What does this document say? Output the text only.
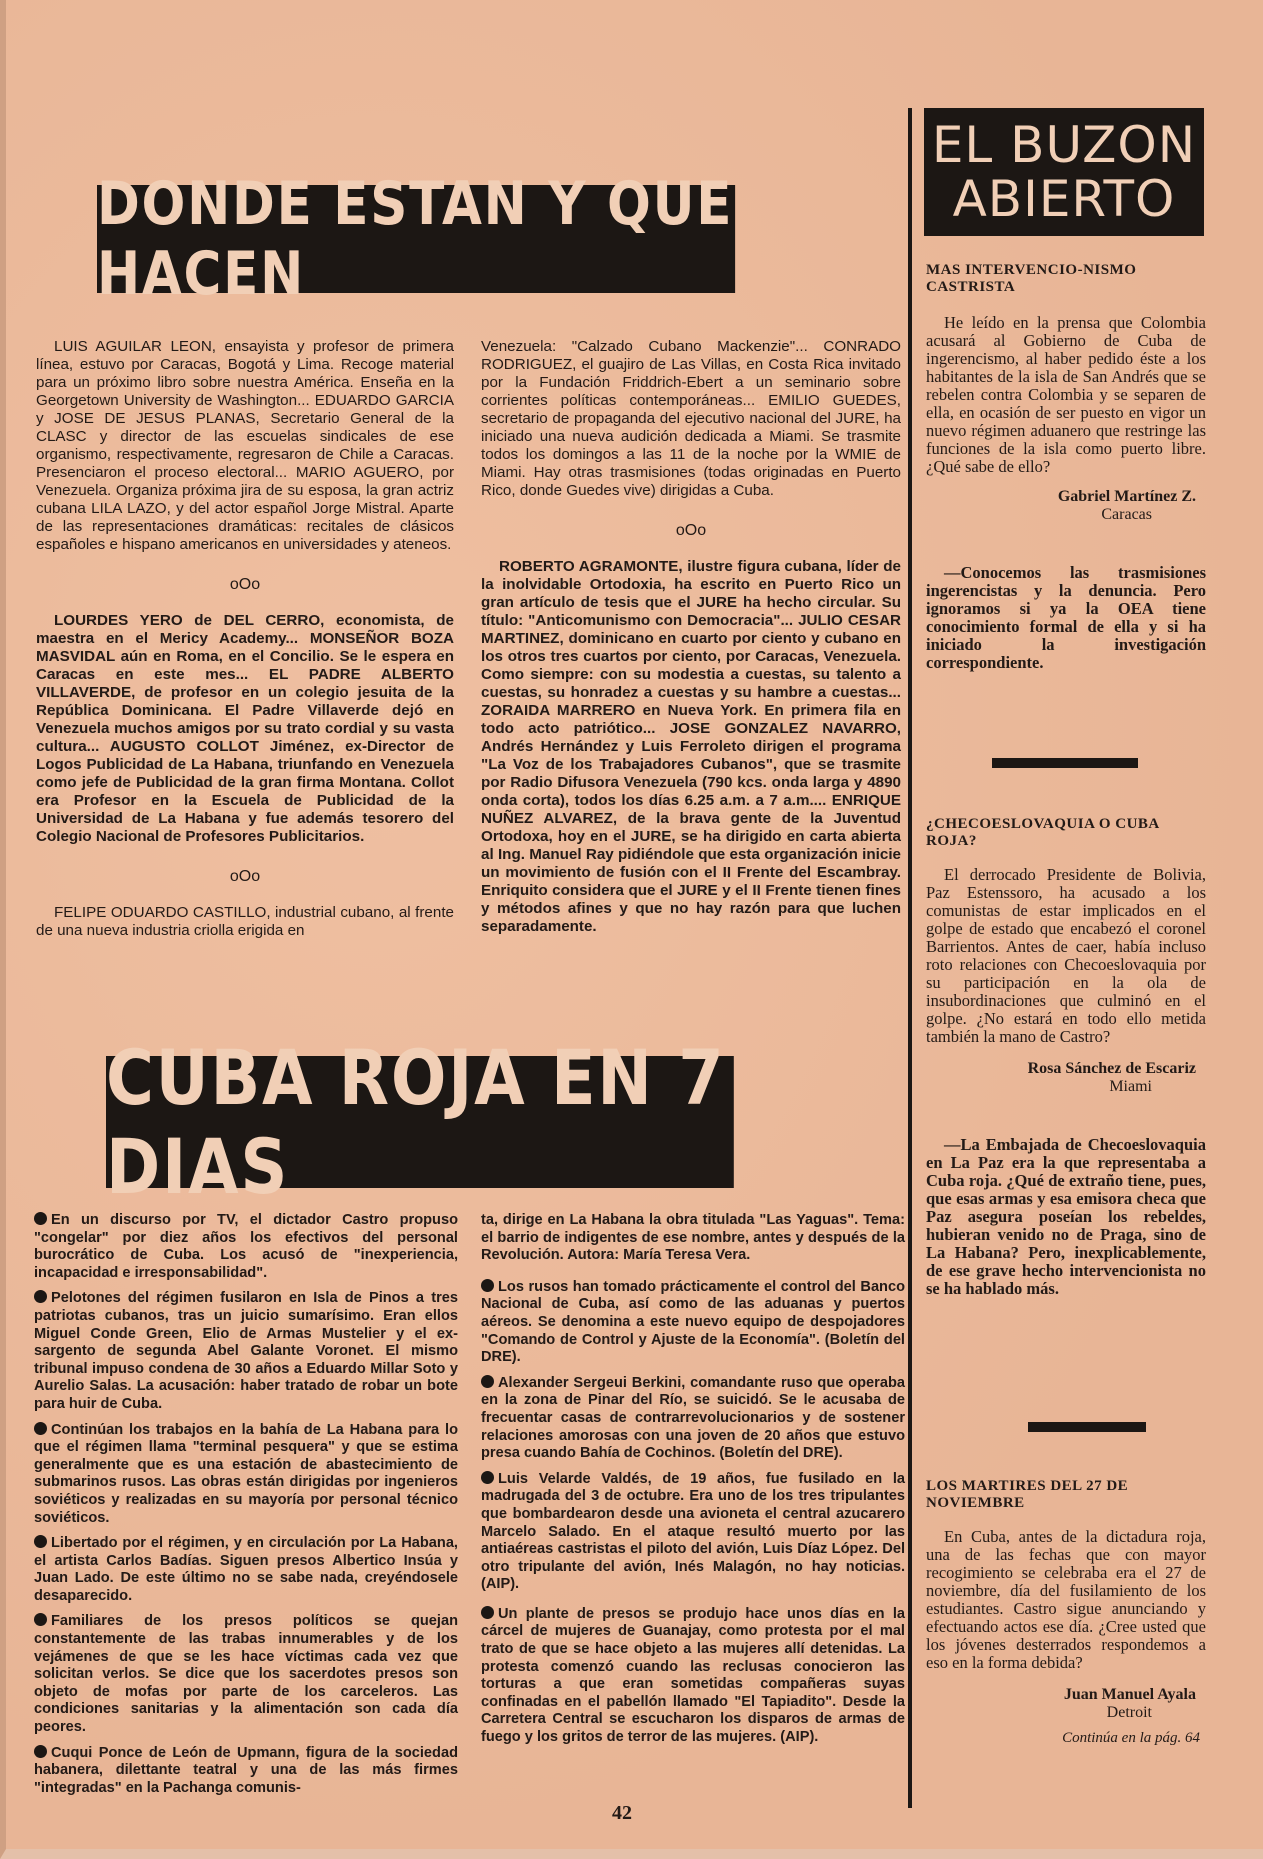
DONDE ESTAN Y QUE HACEN
EL BUZON
ABIERTO

LUIS AGUILAR LEON, ensayista y profesor de primera línea, estuvo por Caracas, Bogotá y Lima. Recoge material para un próximo libro sobre nuestra América. Enseña en la Georgetown University de Washington... EDUARDO GARCIA y JOSE DE JESUS PLANAS, Secretario General de la CLASC y director de las escuelas sindicales de ese organismo, respectivamente, regresaron de Chile a Caracas. Presenciaron el proceso electoral... MARIO AGUERO, por Venezuela. Organiza próxima jira de su esposa, la gran actriz cubana LILA LAZO, y del actor español Jorge Mistral. Aparte de las representaciones dramáticas: recitales de clásicos españoles e hispano americanos en universidades y ateneos.

oOo

LOURDES YERO de DEL CERRO, economista, de maestra en el Mericy Academy... MONSEÑOR BOZA MASVIDAL aún en Roma, en el Concilio. Se le espera en Caracas en este mes... EL PADRE ALBERTO VILLAVERDE, de profesor en un colegio jesuita de la República Dominicana. El Padre Villaverde dejó en Venezuela muchos amigos por su trato cordial y su vasta cultura... AUGUSTO COLLOT Jiménez, ex-Director de Logos Publicidad de La Habana, triunfando en Venezuela como jefe de Publicidad de la gran firma Montana. Collot era Profesor en la Escuela de Publicidad de la Universidad de La Habana y fue además tesorero del Colegio Nacional de Profesores Publicitarios.

oOo

FELIPE ODUARDO CASTILLO, industrial cubano, al frente de una nueva industria criolla erigida en

Venezuela: "Calzado Cubano Mackenzie"... CONRADO RODRIGUEZ, el guajiro de Las Villas, en Costa Rica invitado por la Fundación Friddrich-Ebert a un seminario sobre corrientes políticas contemporáneas... EMILIO GUEDES, secretario de propaganda del ejecutivo nacional del JURE, ha iniciado una nueva audición dedicada a Miami. Se trasmite todos los domingos a las 11 de la noche por la WMIE de Miami. Hay otras trasmisiones (todas originadas en Puerto Rico, donde Guedes vive) dirigidas a Cuba.

oOo

ROBERTO AGRAMONTE, ilustre figura cubana, líder de la inolvidable Ortodoxia, ha escrito en Puerto Rico un gran artículo de tesis que el JURE ha hecho circular. Su título: "Anticomunismo con Democracia"... JULIO CESAR MARTINEZ, dominicano en cuarto por ciento y cubano en los otros tres cuartos por ciento, por Caracas, Venezuela. Como siempre: con su modestia a cuestas, su talento a cuestas, su honradez a cuestas y su hambre a cuestas... ZORAIDA MARRERO en Nueva York. En primera fila en todo acto patriótico... JOSE GONZALEZ NAVARRO, Andrés Hernández y Luis Ferroleto dirigen el programa "La Voz de los Trabajadores Cubanos", que se trasmite por Radio Difusora Venezuela (790 kcs. onda larga y 4890 onda corta), todos los días 6.25 a.m. a 7 a.m.... ENRIQUE NUÑEZ ALVAREZ, de la brava gente de la Juventud Ortodoxa, hoy en el JURE, se ha dirigido en carta abierta al Ing. Manuel Ray pidiéndole que esta organización inicie un movimiento de fusión con el II Frente del Escambray. Enriquito considera que el JURE y el II Frente tienen fines y métodos afines y que no hay razón para que luchen separadamente.

CUBA ROJA EN 7 DIAS

En un discurso por TV, el dictador Castro propuso "congelar" por diez años los efectivos del personal burocrático de Cuba. Los acusó de "inexperiencia, incapacidad e irresponsabilidad".

Pelotones del régimen fusilaron en Isla de Pinos a tres patriotas cubanos, tras un juicio sumarísimo. Eran ellos Miguel Conde Green, Elio de Armas Mustelier y el ex-sargento de segunda Abel Galante Voronet. El mismo tribunal impuso condena de 30 años a Eduardo Millar Soto y Aurelio Salas. La acusación: haber tratado de robar un bote para huir de Cuba.

Continúan los trabajos en la bahía de La Habana para lo que el régimen llama "terminal pesquera" y que se estima generalmente que es una estación de abastecimiento de submarinos rusos. Las obras están dirigidas por ingenieros soviéticos y realizadas en su mayoría por personal técnico soviéticos.

Libertado por el régimen, y en circulación por La Habana, el artista Carlos Badías. Siguen presos Albertico Insúa y Juan Lado. De este último no se sabe nada, creyéndosele desaparecido.

Familiares de los presos políticos se quejan constantemente de las trabas innumerables y de los vejámenes de que se les hace víctimas cada vez que solicitan verlos. Se dice que los sacerdotes presos son objeto de mofas por parte de los carceleros. Las condiciones sanitarias y la alimentación son cada día peores.

Cuqui Ponce de León de Upmann, figura de la sociedad habanera, dilettante teatral y una de las más firmes "integradas" en la Pachanga comunis-

ta, dirige en La Habana la obra titulada "Las Yaguas". Tema: el barrio de indigentes de ese nombre, antes y después de la Revolución. Autora: María Teresa Vera.

Los rusos han tomado prácticamente el control del Banco Nacional de Cuba, así como de las aduanas y puertos aéreos. Se denomina a este nuevo equipo de despojadores "Comando de Control y Ajuste de la Economía". (Boletín del DRE).

Alexander Sergeui Berkini, comandante ruso que operaba en la zona de Pinar del Río, se suicidó. Se le acusaba de frecuentar casas de contrarrevolucionarios y de sostener relaciones amorosas con una joven de 20 años que estuvo presa cuando Bahía de Cochinos. (Boletín del DRE).

Luis Velarde Valdés, de 19 años, fue fusilado en la madrugada del 3 de octubre. Era uno de los tres tripulantes que bombardearon desde una avioneta el central azucarero Marcelo Salado. En el ataque resultó muerto por las antiaéreas castristas el piloto del avión, Luis Díaz López. Del otro tripulante del avión, Inés Malagón, no hay noticias. (AIP).

Un plante de presos se produjo hace unos días en la cárcel de mujeres de Guanajay, como protesta por el mal trato de que se hace objeto a las mujeres allí detenidas. La protesta comenzó cuando las reclusas conocieron las torturas a que eran sometidas compañeras suyas confinadas en el pabellón llamado "El Tapiadito". Desde la Carretera Central se escucharon los disparos de armas de fuego y los gritos de terror de las mujeres. (AIP).

MAS INTERVENCIO-NISMO CASTRISTA

He leído en la prensa que Colombia acusará al Gobierno de Cuba de ingerencismo, al haber pedido éste a los habitantes de la isla de San Andrés que se rebelen contra Colombia y se separen de ella, en ocasión de ser puesto en vigor un nuevo régimen aduanero que restringe las funciones de la isla como puerto libre. ¿Qué sabe de ello?

Gabriel Martínez Z.
Caracas

—Conocemos las trasmisiones ingerencistas y la denuncia. Pero ignoramos si ya la OEA tiene conocimiento formal de ella y si ha iniciado la investigación correspondiente.

¿CHECOESLOVAQUIA O CUBA ROJA?

El derrocado Presidente de Bolivia, Paz Estenssoro, ha acusado a los comunistas de estar implicados en el golpe de estado que encabezó el coronel Barrientos. Antes de caer, había incluso roto relaciones con Checoeslovaquia por su participación en la ola de insubordinaciones que culminó en el golpe. ¿No estará en todo ello metida también la mano de Castro?

Rosa Sánchez de Escariz
Miami

—La Embajada de Checoeslovaquia en La Paz era la que representaba a Cuba roja. ¿Qué de extraño tiene, pues, que esas armas y esa emisora checa que Paz asegura poseían los rebeldes, hubieran venido no de Praga, sino de La Habana? Pero, inexplicablemente, de ese grave hecho intervencionista no se ha hablado más.

LOS MARTIRES DEL 27 DE NOVIEMBRE

En Cuba, antes de la dictadura roja, una de las fechas que con mayor recogimiento se celebraba era el 27 de noviembre, día del fusilamiento de los estudiantes. Castro sigue anunciando y efectuando actos ese día. ¿Cree usted que los jóvenes desterrados respondemos a eso en la forma debida?

Juan Manuel Ayala
Detroit
Continúa en la pág. 64
42
